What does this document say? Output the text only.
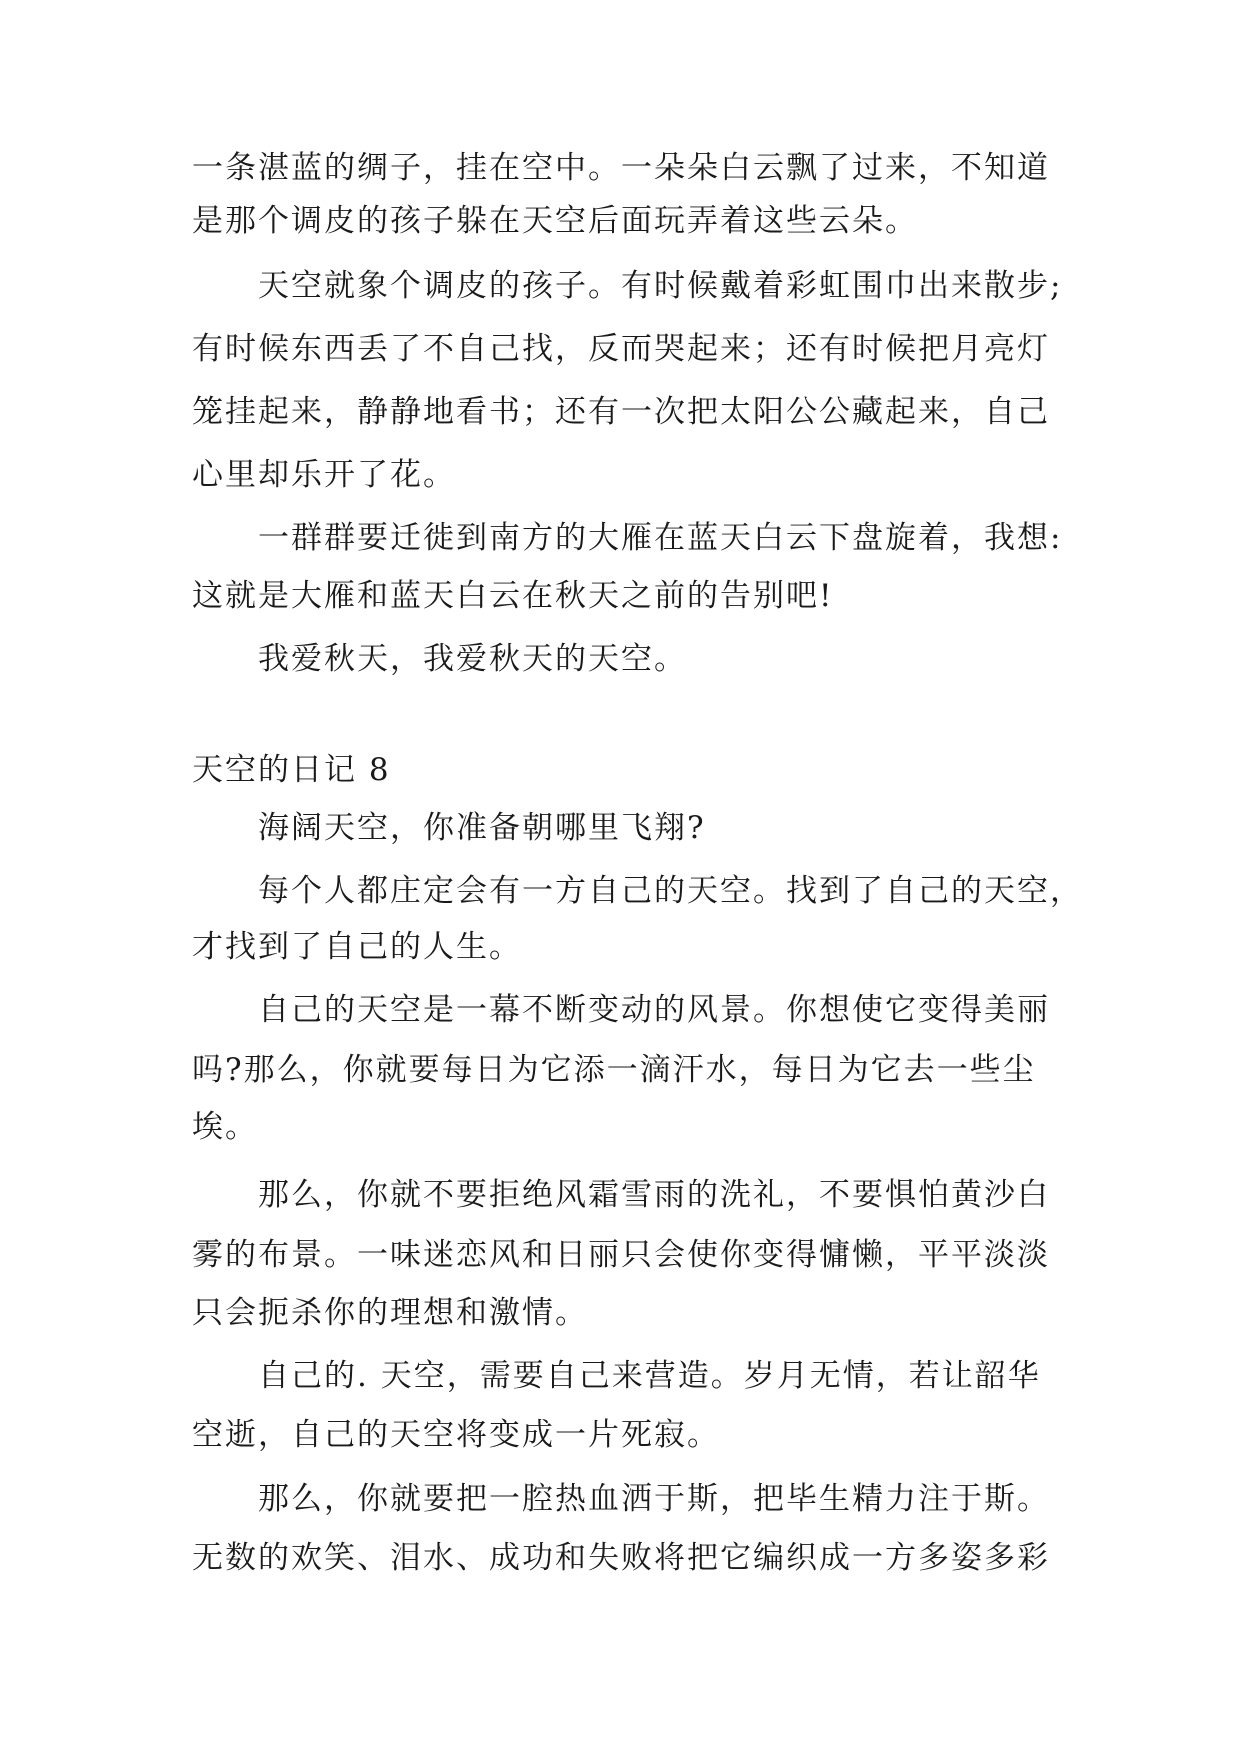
一条湛蓝的绸子，挂在空中。一朵朵白云飘了过来，不知道
是那个调皮的孩子躲在天空后面玩弄着这些云朵。
天空就象个调皮的孩子。有时候戴着彩虹围巾出来散步;
有时候东西丢了不自己找，反而哭起来；还有时候把月亮灯
笼挂起来，静静地看书；还有一次把太阳公公藏起来，自己
心里却乐开了花。
一群群要迁徙到南方的大雁在蓝天白云下盘旋着，我想:
这就是大雁和蓝天白云在秋天之前的告别吧!
我爱秋天，我爱秋天的天空。
天空的日记 8
海阔天空，你准备朝哪里飞翔?
每个人都庄定会有一方自己的天空。找到了自己的天空，
才找到了自己的人生。
自己的天空是一幕不断变动的风景。你想使它变得美丽
吗?那么，你就要每日为它添一滴汗水，每日为它去一些尘
埃。
那么，你就不要拒绝风霜雪雨的洗礼，不要惧怕黄沙白
雾的布景。一味迷恋风和日丽只会使你变得慵懒，平平淡淡
只会扼杀你的理想和激情。
自己的. 天空，需要自己来营造。岁月无情，若让韶华
空逝，自己的天空将变成一片死寂。
那么，你就要把一腔热血洒于斯，把毕生精力注于斯。
无数的欢笑、泪水、成功和失败将把它编织成一方多姿多彩
